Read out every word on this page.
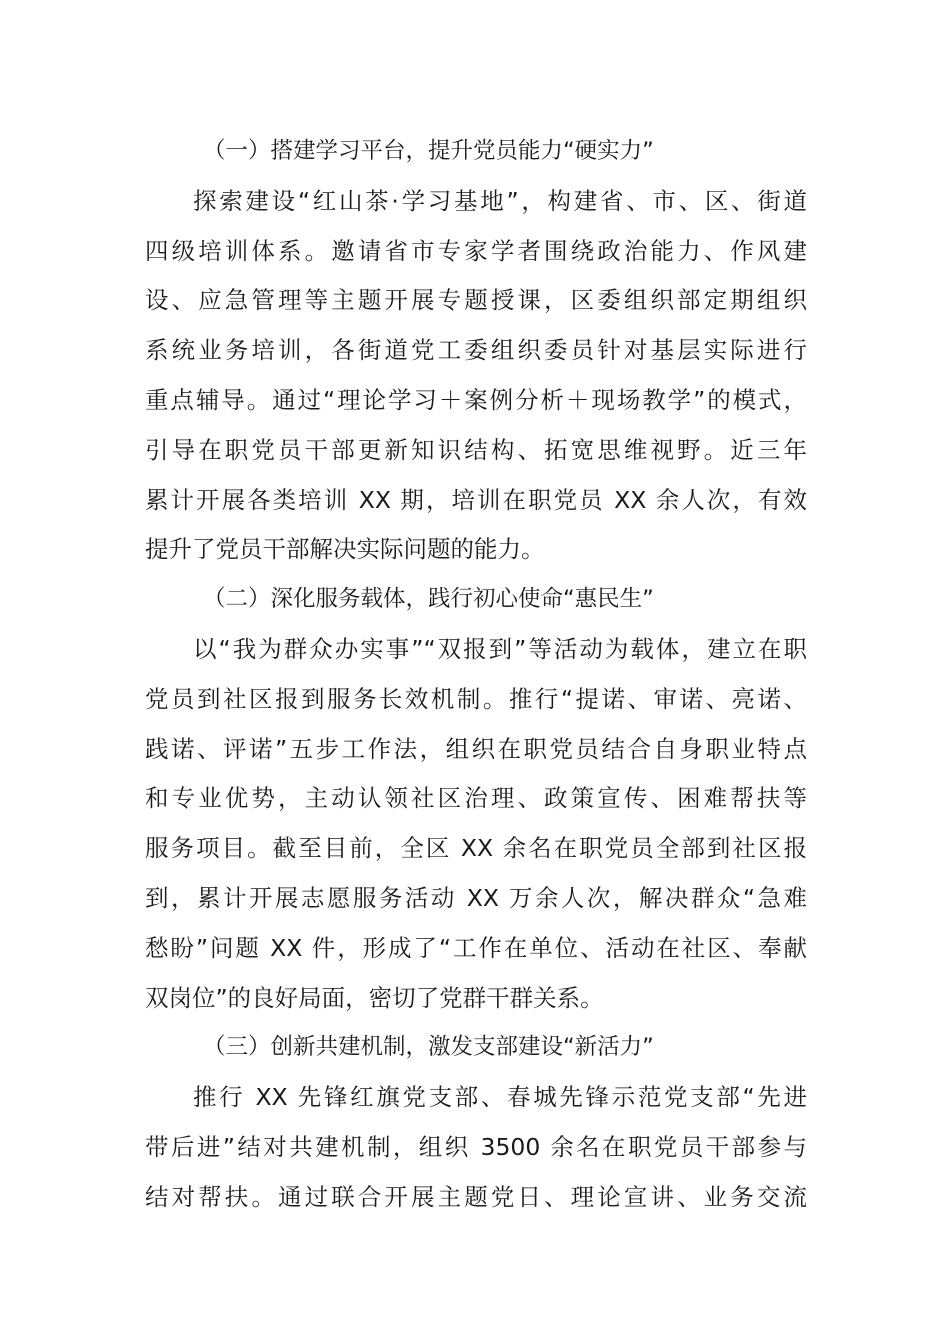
（一）搭建学习平台，提升党员能力“硬实力”
探索建设“红山茶·学习基地”，构建省、市、区、街道
四级培训体系。邀请省市专家学者围绕政治能力、作风建
设、应急管理等主题开展专题授课，区委组织部定期组织
系统业务培训，各街道党工委组织委员针对基层实际进行
重点辅导。通过“理论学习＋案例分析＋现场教学”的模式，
引导在职党员干部更新知识结构、拓宽思维视野。近三年
累计开展各类培训 XX 期，培训在职党员 XX 余人次，有效
提升了党员干部解决实际问题的能力。
（二）深化服务载体，践行初心使命“惠民生”
以“我为群众办实事”“双报到”等活动为载体，建立在职
党员到社区报到服务长效机制。推行“提诺、审诺、亮诺、
践诺、评诺”五步工作法，组织在职党员结合自身职业特点
和专业优势，主动认领社区治理、政策宣传、困难帮扶等
服务项目。截至目前，全区 XX 余名在职党员全部到社区报
到，累计开展志愿服务活动 XX 万余人次，解决群众“急难
愁盼”问题 XX 件，形成了“工作在单位、活动在社区、奉献
双岗位”的良好局面，密切了党群干群关系。
（三）创新共建机制，激发支部建设“新活力”
推行 XX 先锋红旗党支部、春城先锋示范党支部“先进
带后进”结对共建机制，组织 3500 余名在职党员干部参与
结对帮扶。通过联合开展主题党日、理论宣讲、业务交流
